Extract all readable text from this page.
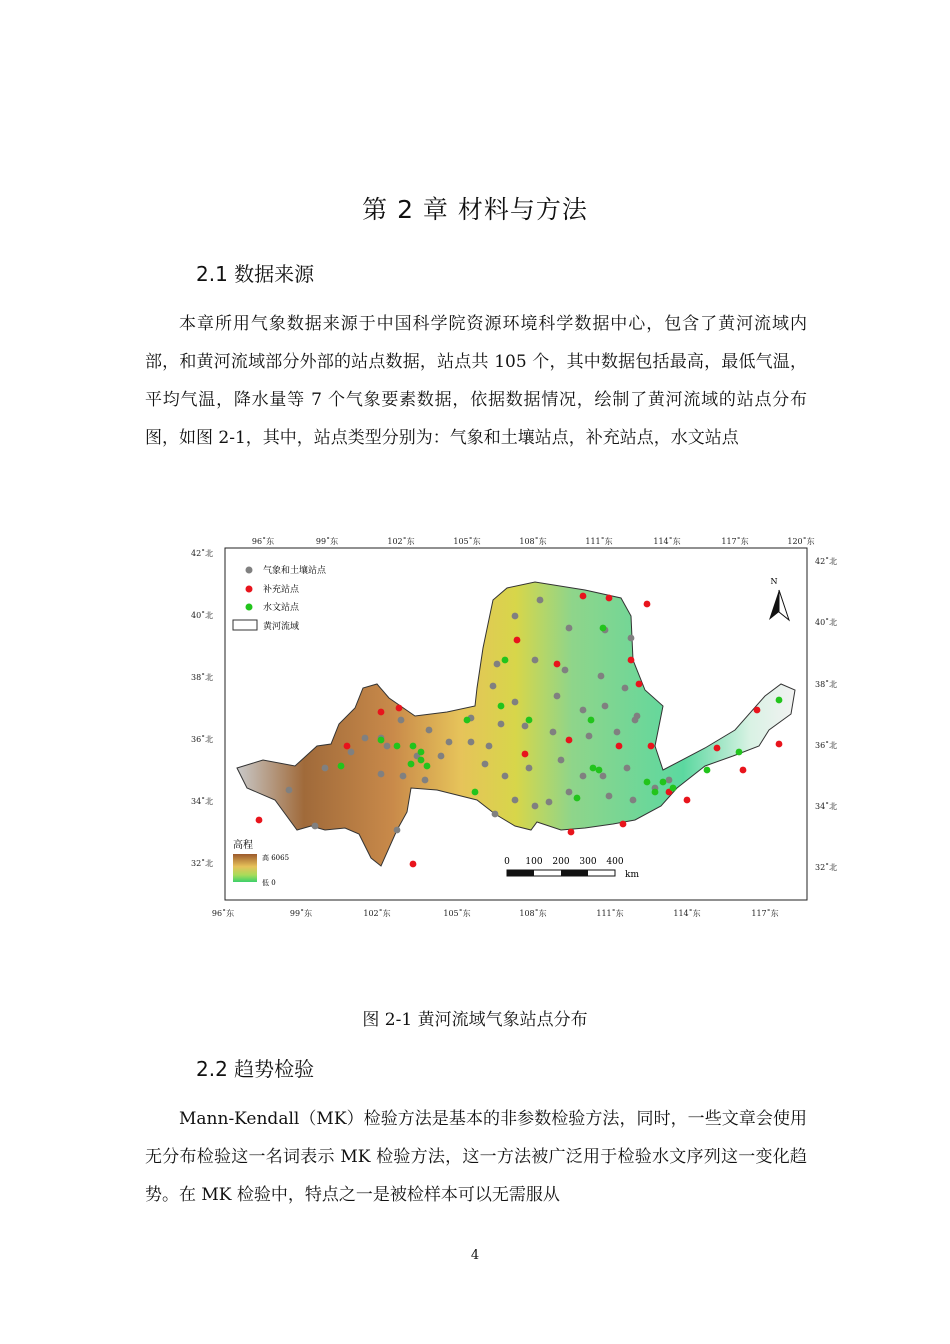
第 2 章 材料与方法
2.1 数据来源

本章所用气象数据来源于中国科学院资源环境科学数据中心，包含了黄河流域内部，和黄河流域部分外部的站点数据，站点共 105 个，其中数据包括最高，最低气温，平均气温，降水量等 7 个气象要素数据，依据数据情况，绘制了黄河流域的站点分布图，如图 2-1，其中，站点类型分别为：气象和土壤站点，补充站点，水文站点

气象和土壤站点
补充站点
水文站点
黄河流域
高程
高 6065
低 0
N
0 100 200 300 400
km
96˚东	99˚东	102˚东	105˚东	108˚东	111˚东	114˚东	117˚东	120˚东
96˚东	99˚东	102˚东	105˚东	108˚东	111˚东	114˚东	117˚东
42˚北
40˚北
38˚北
36˚北
34˚北
32˚北
42˚北
40˚北
38˚北
36˚北
34˚北
32˚北
图 2-1 黄河流域气象站点分布
2.2 趋势检验

Mann-Kendall（MK）检验方法是基本的非参数检验方法，同时，一些文章会使用无分布检验这一名词表示 MK 检验方法，这一方法被广泛用于检验水文序列这一变化趋势。在 MK 检验中，特点之一是被检样本可以无需服从

4
